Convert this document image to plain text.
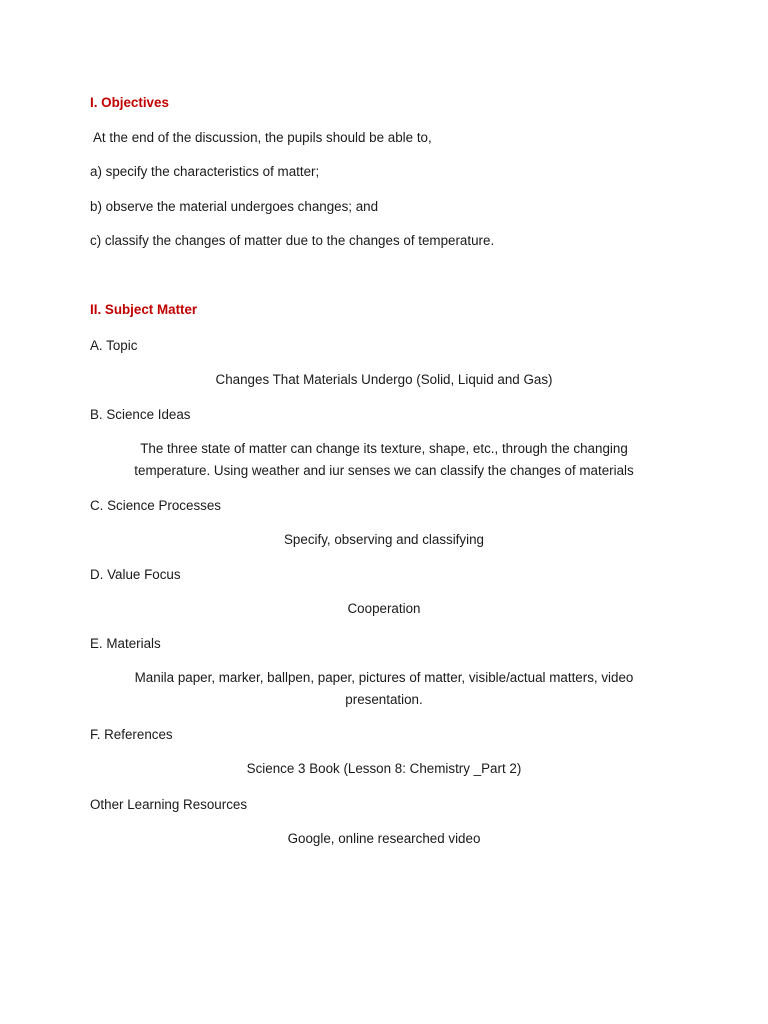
I. Objectives
At the end of the discussion, the pupils should be able to,
a) specify the characteristics of matter;
b) observe the material undergoes changes; and
c) classify the changes of matter due to the changes of temperature.
II. Subject Matter
A. Topic
Changes That Materials Undergo (Solid, Liquid and Gas)
B. Science Ideas
The three state of matter can change its texture, shape, etc., through the changing temperature. Using weather and iur senses we can classify the changes of materials
C. Science Processes
Specify, observing and classifying
D. Value Focus
Cooperation
E. Materials
Manila paper, marker, ballpen, paper, pictures of matter, visible/actual matters, video presentation.
F. References
Science 3 Book (Lesson 8: Chemistry _Part 2)
Other Learning Resources
Google, online researched video
